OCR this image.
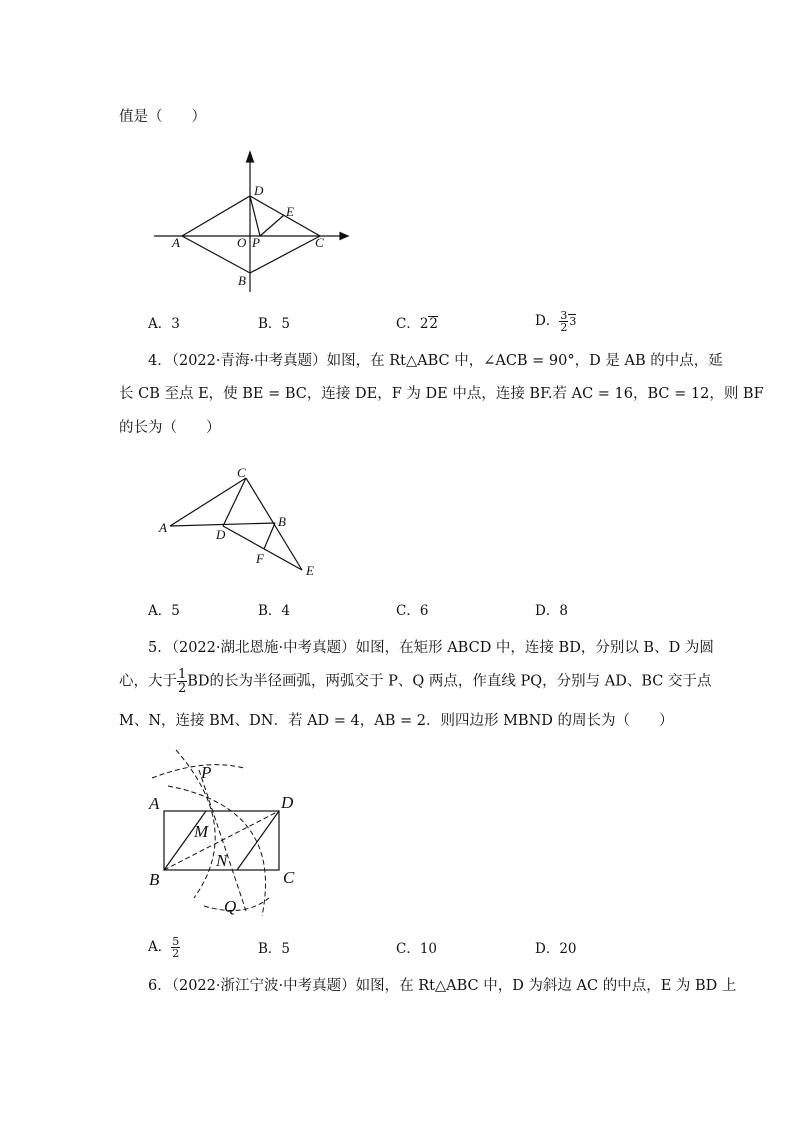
值是（　　）
A
B
C
D
E
O P
A．3	B．5	C．22	D． $\frac{3}{2} 3$
4．（2022·青海·中考真题）如图，在 Rt△ABC 中，∠ACB = 90°，D 是 AB 的中点，延
长 CB 至点 E，使 BE = BC，连接 DE，F 为 DE 中点，连接 BF.若 AC = 16，BC = 12，则 BF
的长为（　　）
A	B
C
D
E
F
A．5	B．4	C．6	D．8
5．（2022·湖北恩施·中考真题）如图，在矩形 ABCD 中，连接 BD，分别以 B、D 为圆
心，大于 $\frac{1}{2}$ BD的长为半径画弧，两弧交于 P、Q 两点，作直线 PQ，分别与 AD、BC 交于点
M、N，连接 BM、DN．若 AD = 4，AB = 2．则四边形 MBND 的周长为（　　）
A
B	C
D
M
N
P
Q
A． $\frac{5}{2}$	B．5	C．10	D．20
6．（2022·浙江宁波·中考真题）如图，在 Rt△ABC 中，D 为斜边 AC 的中点，E 为 BD 上
